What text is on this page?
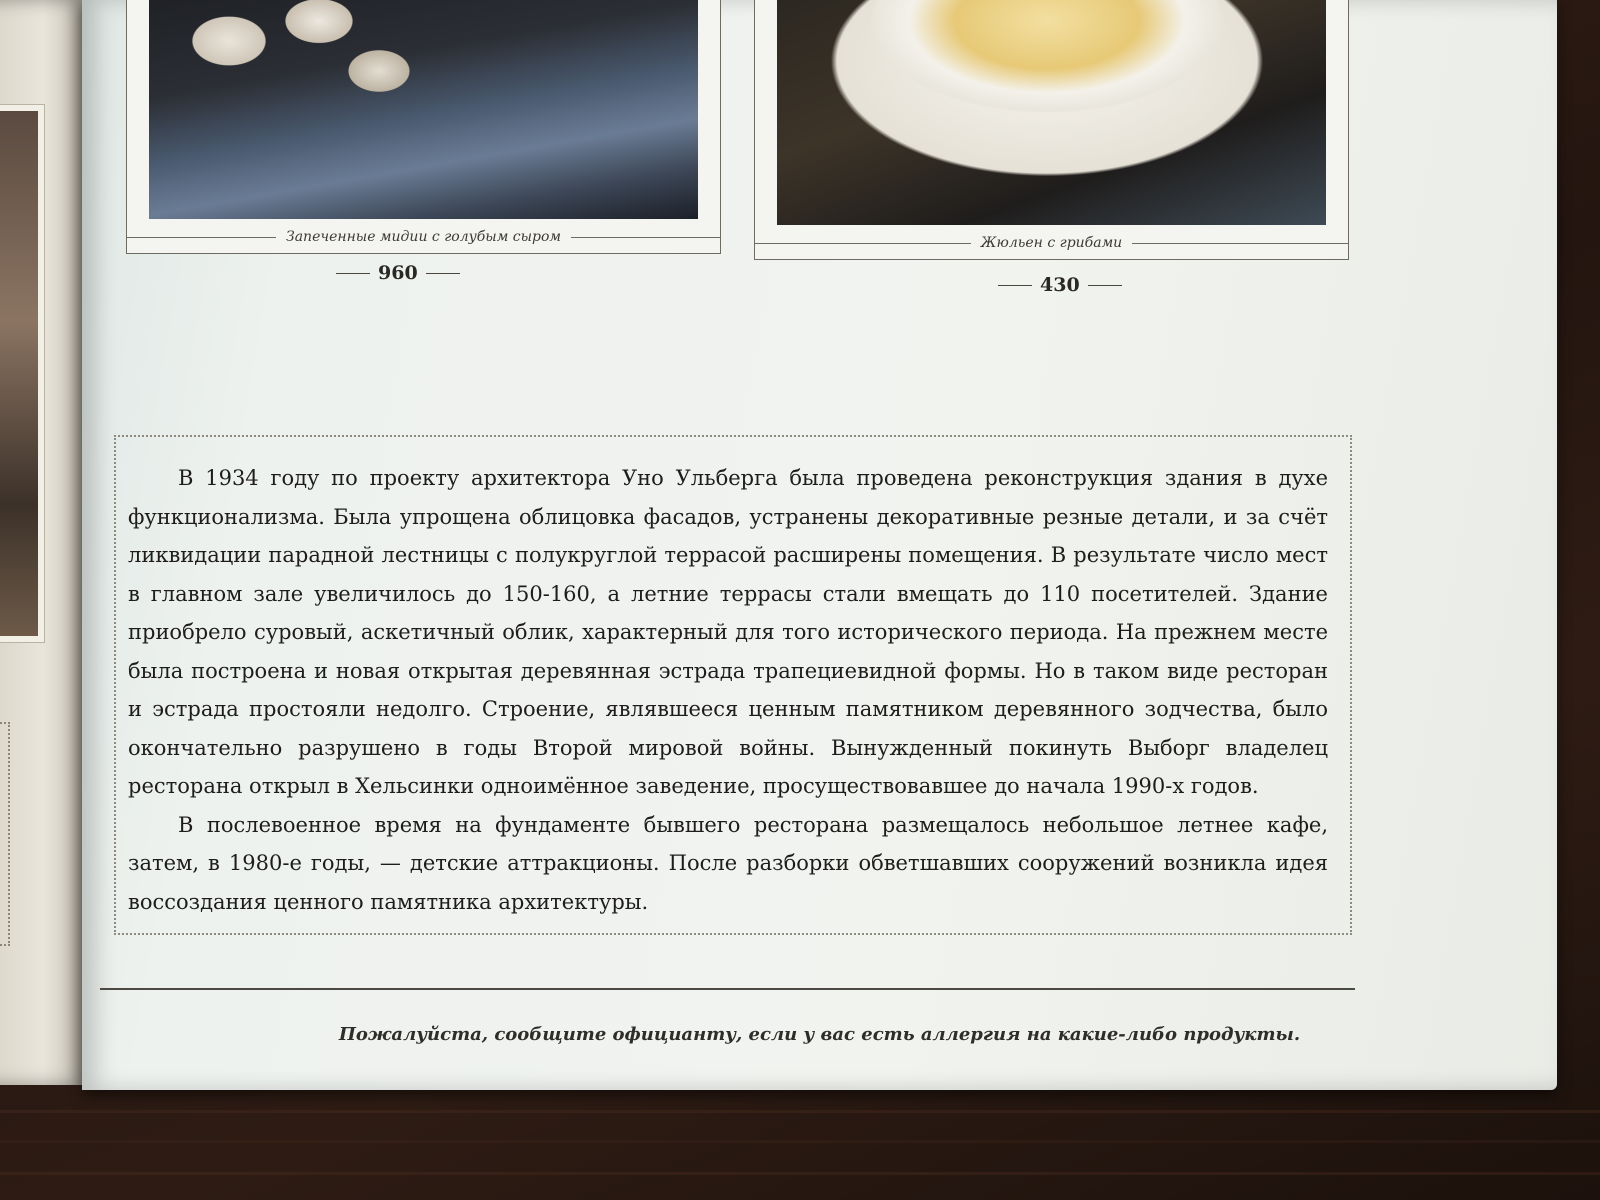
Запеченные мидии с голубым сыром
960
Жюльен с грибами
430

В 1934 году по проекту архитектора Уно Ульберга была проведена реконструкция здания в духе функционализма. Была упрощена облицовка фасадов, устранены декоративные резные детали, и за счёт ликвидации парадной лестницы с полукруглой террасой расширены помещения. В результате число мест в главном зале увеличилось до 150-160, а летние террасы стали вмещать до 110 посетителей. Здание приобрело суровый, аскетичный облик, характерный для того исторического периода. На прежнем месте была построена и новая открытая деревянная эстрада трапециевидной формы. Но в таком виде ресторан и эстрада простояли недолго. Строение, являвшееся ценным памятником деревянного зодчества, было окончательно разрушено в годы Второй мировой войны. Вынужденный покинуть Выборг владелец ресторана открыл в Хельсинки одноимённое заведение, просуществовавшее до начала 1990-х годов.

В послевоенное время на фундаменте бывшего ресторана размещалось небольшое летнее кафе, затем, в 1980-е годы, — детские аттракционы. После разборки обветшавших сооружений возникла идея воссоздания ценного памятника архитектуры.

Пожалуйста, сообщите официанту, если у вас есть аллергия на какие-либо продукты.
